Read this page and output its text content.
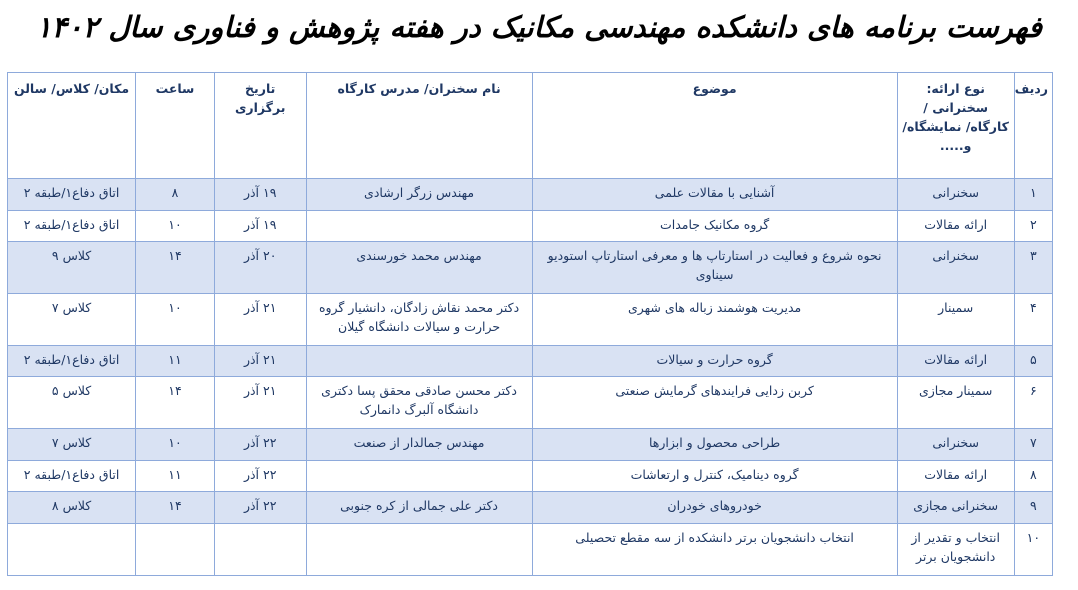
فهرست برنامه های دانشکده مهندسی مکانیک در هفته پژوهش و فناوری سال ۱۴۰۲
ردیف	نوع ارائه: سخنرانی / کارگاه/ نمایشگاه/ و.....	موضوع	نام سخنران/ مدرس کارگاه	تاریخ برگزاری	ساعت	مکان/ کلاس/ سالن
۱	سخنرانی	آشنایی با مقالات علمی	مهندس زرگر ارشادی	۱۹ آذر	۸	اتاق دفاع۱/طبقه ۲
۲	ارائه مقالات	گروه مکانیک جامدات		۱۹ آذر	۱۰	اتاق دفاع۱/طبقه ۲
۳	سخنرانی	نحوه شروع و فعالیت در استارتاپ ها و معرفی استارتاپ استودیو سیناوی	مهندس محمد خورسندی	۲۰ آذر	۱۴	کلاس ۹
۴	سمینار	مدیریت هوشمند زباله های شهری	دکتر محمد نقاش زادگان، دانشیار گروه حرارت و سیالات دانشگاه گیلان	۲۱ آذر	۱۰	کلاس ۷
۵	ارائه مقالات	گروه حرارت و سیالات		۲۱ آذر	۱۱	اتاق دفاع۱/طبقه ۲
۶	سمینار مجازی	کربن زدایی فرایندهای گرمایش صنعتی	دکتر محسن صادقی محقق پسا دکتری دانشگاه آلبرگ دانمارک	۲۱ آذر	۱۴	کلاس ۵
۷	سخنرانی	طراحی محصول و ابزارها	مهندس جمالدار از صنعت	۲۲ آذر	۱۰	کلاس ۷
۸	ارائه مقالات	گروه دینامیک، کنترل و ارتعاشات		۲۲ آذر	۱۱	اتاق دفاع۱/طبقه ۲
۹	سخنرانی مجازی	خودروهای خودران	دکتر علی جمالی از کره جنوبی	۲۲ آذر	۱۴	کلاس ۸
۱۰	انتخاب و تقدیر از دانشجویان برتر	انتخاب دانشجویان برتر دانشکده از سه مقطع تحصیلی				
